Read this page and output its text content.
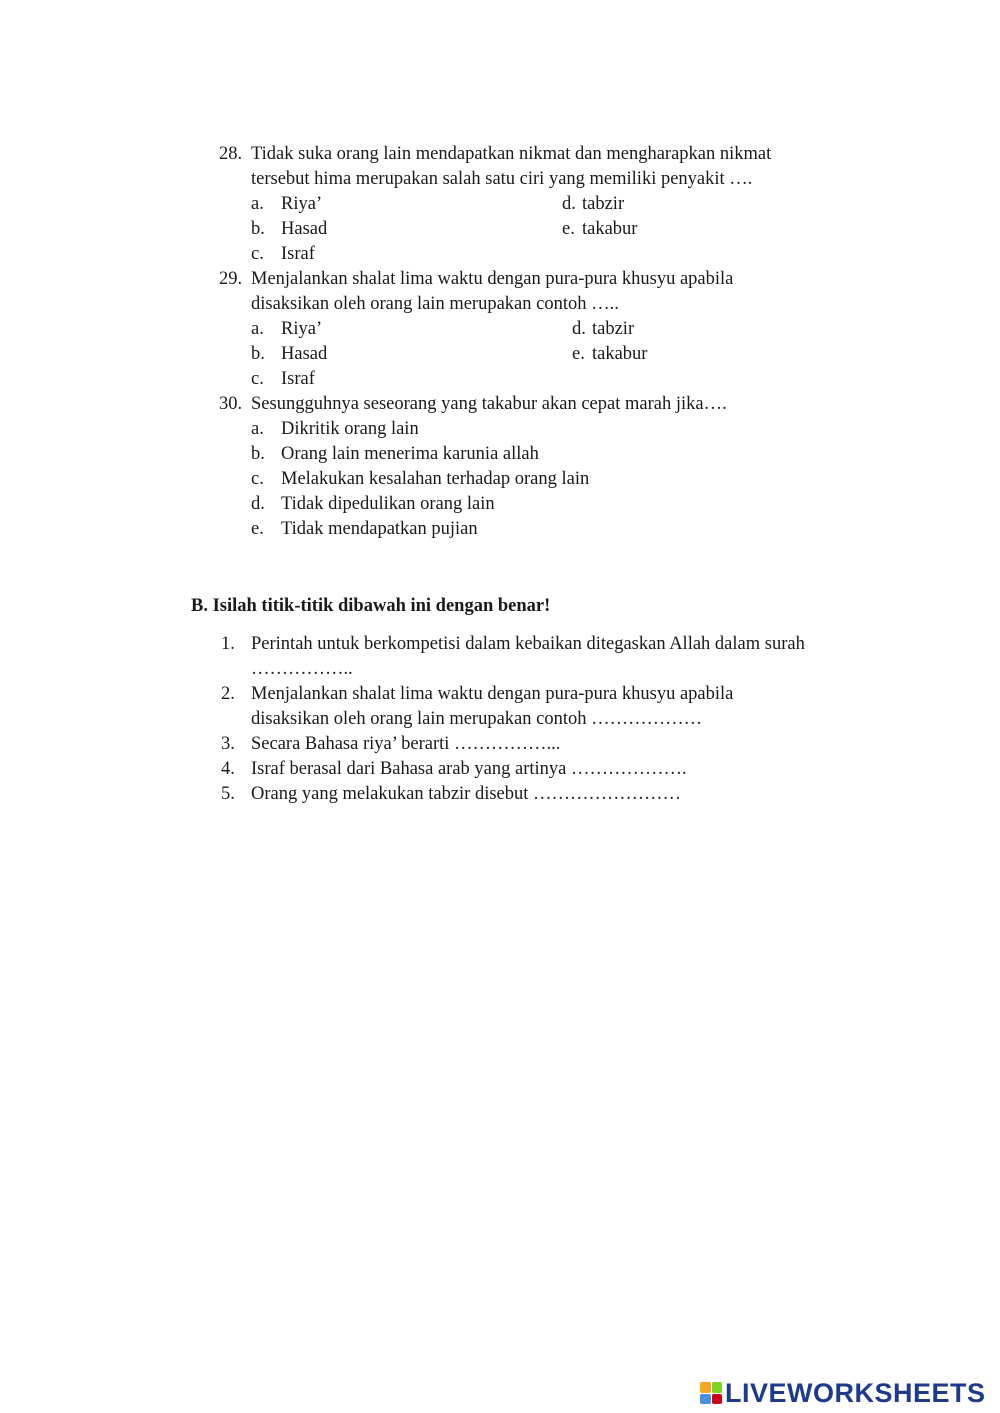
28. Tidak suka orang lain mendapatkan nikmat dan mengharapkan nikmat
tersebut hima merupakan salah satu ciri yang memiliki penyakit ….
a. Riya’
b. Hasad
c. Israf
d. tabzir
e. takabur
29. Menjalankan shalat lima waktu dengan pura-pura khusyu apabila
disaksikan oleh orang lain merupakan contoh …..
a. Riya’
b. Hasad
c. Israf
d. tabzir
e. takabur
30. Sesungguhnya seseorang yang takabur akan cepat marah jika….
a. Dikritik orang lain
b. Orang lain menerima karunia allah
c. Melakukan kesalahan terhadap orang lain
d. Tidak dipedulikan orang lain
e. Tidak mendapatkan pujian
B. Isilah titik-titik dibawah ini dengan benar!
1. Perintah untuk berkompetisi dalam kebaikan ditegaskan Allah dalam surah
……………..
2. Menjalankan shalat lima waktu dengan pura-pura khusyu apabila
disaksikan oleh orang lain merupakan contoh ………………
3. Secara Bahasa riya’ berarti ……………...
4. Israf berasal dari Bahasa arab yang artinya ……………….
5. Orang yang melakukan tabzir disebut ……………………
LIVEWORKSHEETS
